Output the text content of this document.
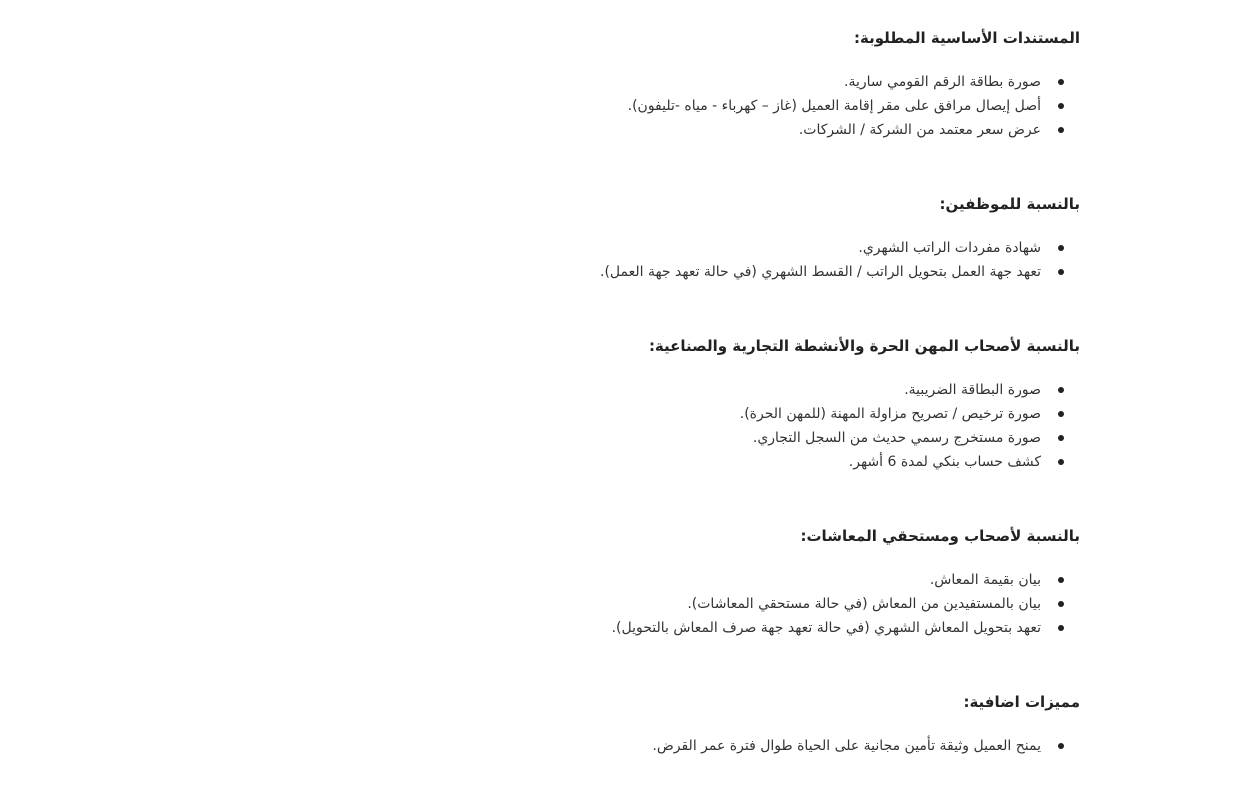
المستندات الأساسية المطلوبة:
صورة بطاقة الرقم القومي سارية.
أصل إيصال مرافق على مقر إقامة العميل (غاز – كهرباء - مياه -تليفون).
عرض سعر معتمد من الشركة / الشركات.
بالنسبة للموظفين:
شهادة مفردات الراتب الشهري.
تعهد جهة العمل بتحويل الراتب / القسط الشهري (في حالة تعهد جهة العمل).
بالنسبة لأصحاب المهن الحرة والأنشطة التجارية والصناعية:
صورة البطاقة الضريبية.
صورة ترخيص / تصريح مزاولة المهنة (للمهن الحرة).
صورة مستخرج رسمي حديث من السجل التجاري.
كشف حساب بنكي لمدة 6 أشهر.
بالنسبة لأصحاب ومستحقي المعاشات:
بيان بقيمة المعاش.
بيان بالمستفيدين من المعاش (في حالة مستحقي المعاشات).
تعهد بتحويل المعاش الشهري (في حالة تعهد جهة صرف المعاش بالتحويل).
مميزات اضافية:
يمنح العميل وثيقة تأمين مجانية على الحياة طوال فترة عمر القرض.
